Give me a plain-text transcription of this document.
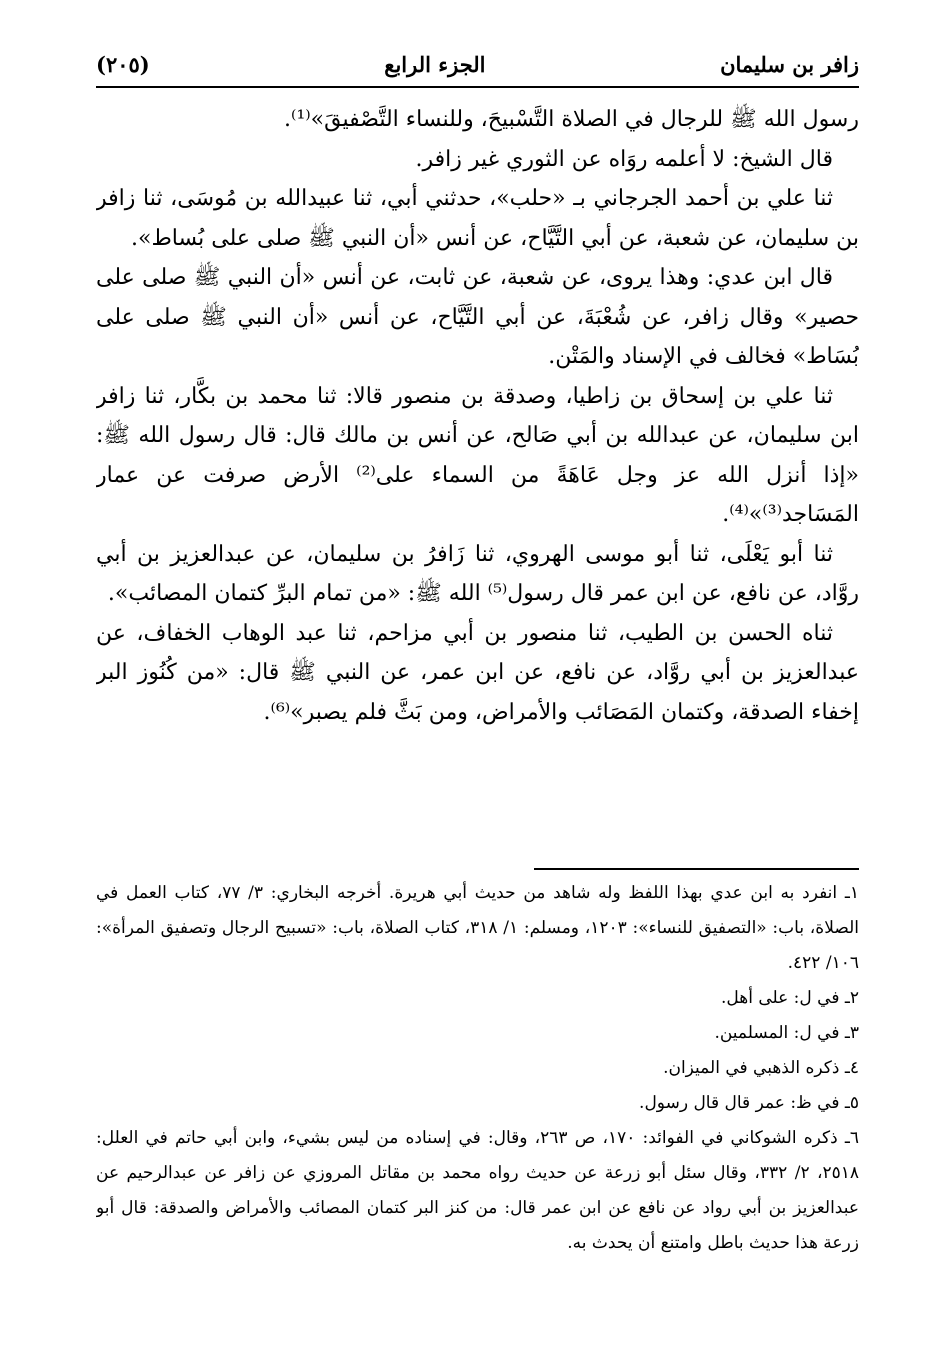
زافر بن سليمان
الجزء الرابع
(٢٠٥)

رسول الله ﷺ للرجال في الصلاة التَّسْبيحَ، وللنساء التَّصْفيقَ»⁽¹⁾.

قال الشيخ: لا أعلمه روَاه عن الثوري غير زافر.

ثنا علي بن أحمد الجرجاني بـ «حلب»، حدثني أبي، ثنا عبيدالله بن مُوسَى، ثنا زافر بن سليمان، عن شعبة، عن أبي التَّيَّاح، عن أنس «أن النبي ﷺ صلى على بُساط».

قال ابن عدي: وهذا يروى، عن شعبة، عن ثابت، عن أنس «أن النبي ﷺ صلى على حصير» وقال زافر، عن شُعْبَةَ، عن أبي التَّيَّاح، عن أنس «أن النبي ﷺ صلى على بُسَاط» فخالف في الإسناد والمَتْن.

ثنا علي بن إسحاق بن زاطيا، وصدقة بن منصور قالا: ثنا محمد بن بكَّار، ثنا زافر ابن سليمان، عن عبدالله بن أبي صَالح، عن أنس بن مالك قال: قال رسول الله ﷺ: «إذا أنزل الله عز وجل عَاهَةً من السماء على⁽²⁾ الأرض صرفت عن عمار المَسَاجد⁽³⁾»⁽⁴⁾.

ثنا أبو يَعْلَى، ثنا أبو موسى الهروي، ثنا زَافرُ بن سليمان، عن عبدالعزيز بن أبي روَّاد، عن نافع، عن ابن عمر قال رسول⁽⁵⁾ الله ﷺ: «من تمام البرِّ كتمان المصائب».

ثناه الحسن بن الطيب، ثنا منصور بن أبي مزاحم، ثنا عبد الوهاب الخفاف، عن عبدالعزيز بن أبي روَّاد، عن نافع، عن ابن عمر، عن النبي ﷺ قال: «من كُنُوز البر إخفاء الصدقة، وكتمان المَصَائب والأمراض، ومن بَثَّ فلم يصبر»⁽⁶⁾.

١ـ انفرد به ابن عدي بهذا اللفظ وله شاهد من حديث أبي هريرة. أخرجه البخاري: ٣/ ٧٧، كتاب العمل في الصلاة، باب: «التصفيق للنساء»: ١٢٠٣، ومسلم: ١/ ٣١٨، كتاب الصلاة، باب: «تسبيح الرجال وتصفيق المرأة»: ١٠٦/ ٤٢٢.

٢ـ في ل: على أهل.

٣ـ في ل: المسلمين.

٤ـ ذكره الذهبي في الميزان.

٥ـ في ظ: عمر قال قال رسول.

٦ـ ذكره الشوكاني في الفوائد: ١٧٠، ص ٢٦٣، وقال: في إسناده من ليس بشيء، وابن أبي حاتم في العلل: ٢٥١٨، ٢/ ٣٣٢، وقال سئل أبو زرعة عن حديث رواه محمد بن مقاتل المروزي عن زافر عن عبدالرحيم عن عبدالعزيز بن أبي رواد عن نافع عن ابن عمر قال: من كنز البر كتمان المصائب والأمراض والصدقة: قال أبو زرعة هذا حديث باطل وامتنع أن يحدث به.
